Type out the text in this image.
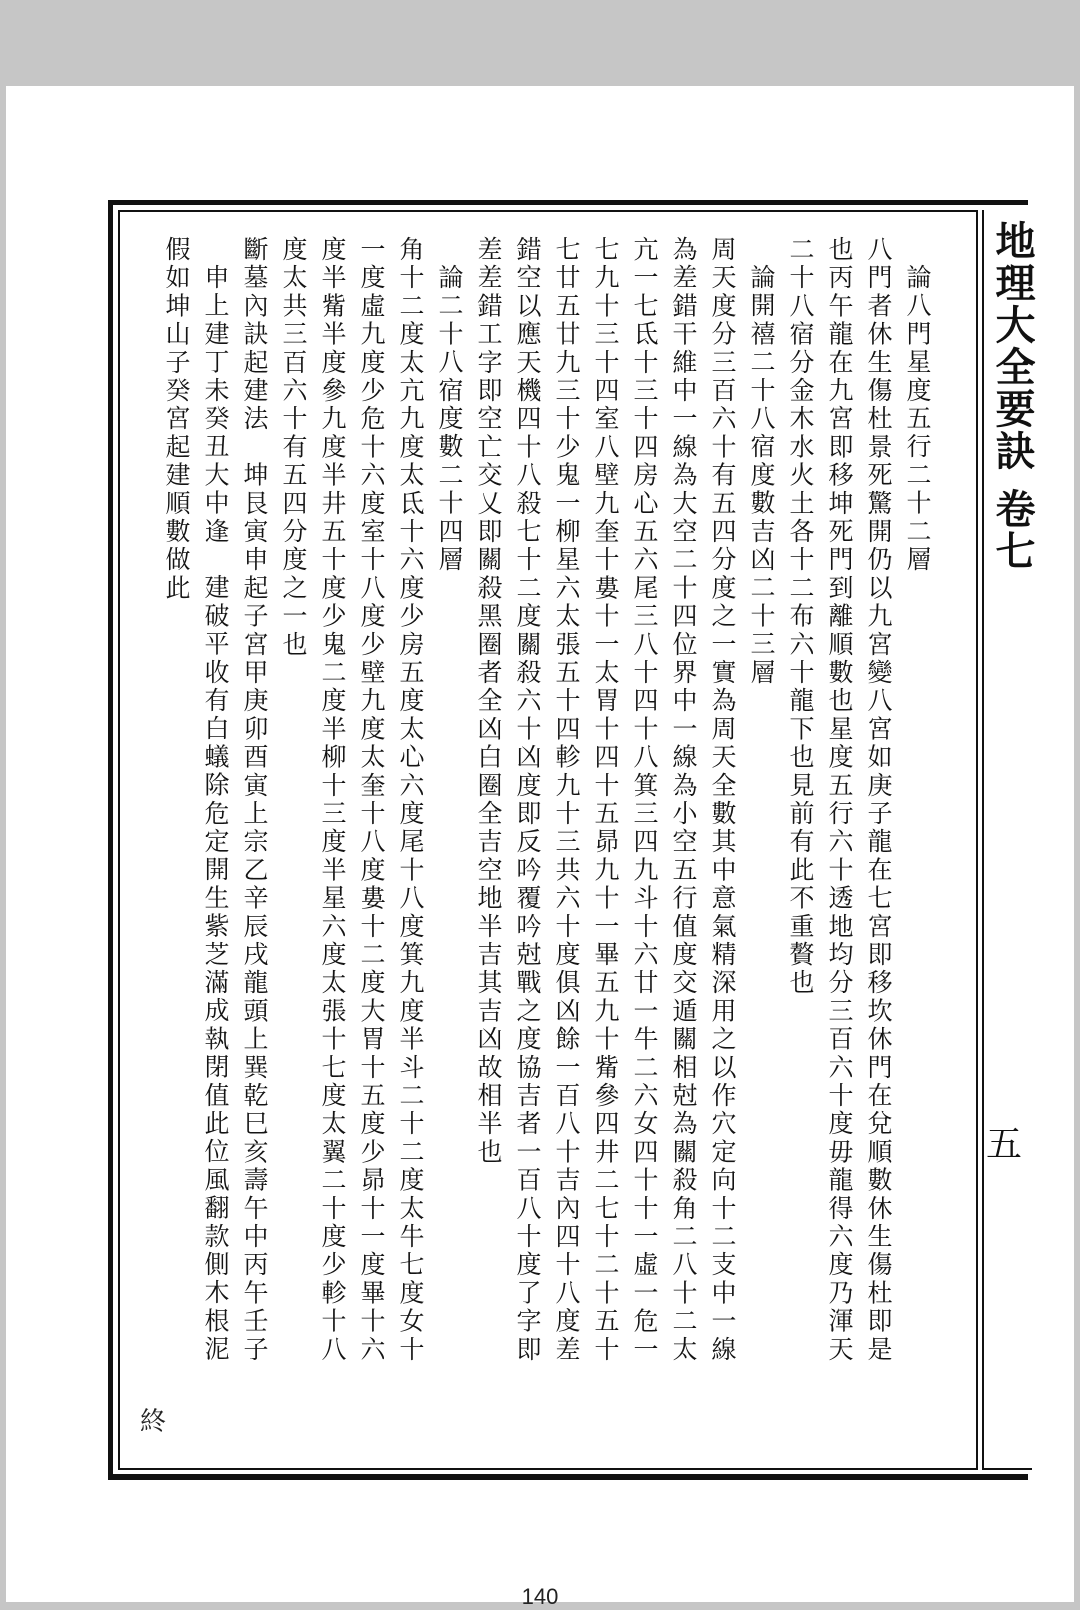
地理大全要訣 卷七
五
論八門星度五行二十二層
八門者休生傷杜景死驚開仍以九宮變八宮如庚子龍在七宮即移坎休門在兌順數休生傷杜即是
也丙午龍在九宮即移坤死門到離順數也星度五行六十透地均分三百六十度毋龍得六度乃渾天
二十八宿分金木水火土各十二布六十龍下也見前有此不重贅也
論開禧二十八宿度數吉凶二十三層
周天度分三百六十有五四分度之一實為周天全數其中意氣精深用之以作穴定向十二支中一線
為差錯干維中一線為大空二十四位界中一線為小空五行值度交遁關相尅為關殺角二八十二太
亢一七氐十三十四房心五六尾三八十四十八箕三四九斗十六廿一牛二六女四十十一虛一危一
七九十三十四室八壁九奎十婁十一太胃十四十五昴九十一畢五九十觜參四井二七十二十五十
七廿五廿九三十少鬼一柳星六太張五十四軫九十三共六十度俱凶餘一百八十吉內四十八度差
錯空以應天機四十八殺七十二度關殺六十凶度即反吟覆吟尅戰之度協吉者一百八十度了字即
差差錯工字即空亡交乂即關殺黑圈者全凶白圈全吉空地半吉其吉凶故相半也
論二十八宿度數二十四層
角十二度太亢九度太氐十六度少房五度太心六度尾十八度箕九度半斗二十二度太牛七度女十
一度虛九度少危十六度室十八度少壁九度太奎十八度婁十二度大胃十五度少昴十一度畢十六
度半觜半度參九度半井五十度少鬼二度半柳十三度半星六度太張十七度太翼二十度少軫十八
度太共三百六十有五四分度之一也
斷墓內訣起建法　坤艮寅申起子宮甲庚卯酉寅上宗乙辛辰戌龍頭上巽乾巳亥壽午中丙午壬子
申上建丁未癸丑大中逢　建破平收有白蟻除危定開生紫芝滿成執閉值此位風翻款側木根泥
假如坤山子癸宮起建順數做此
終
140
